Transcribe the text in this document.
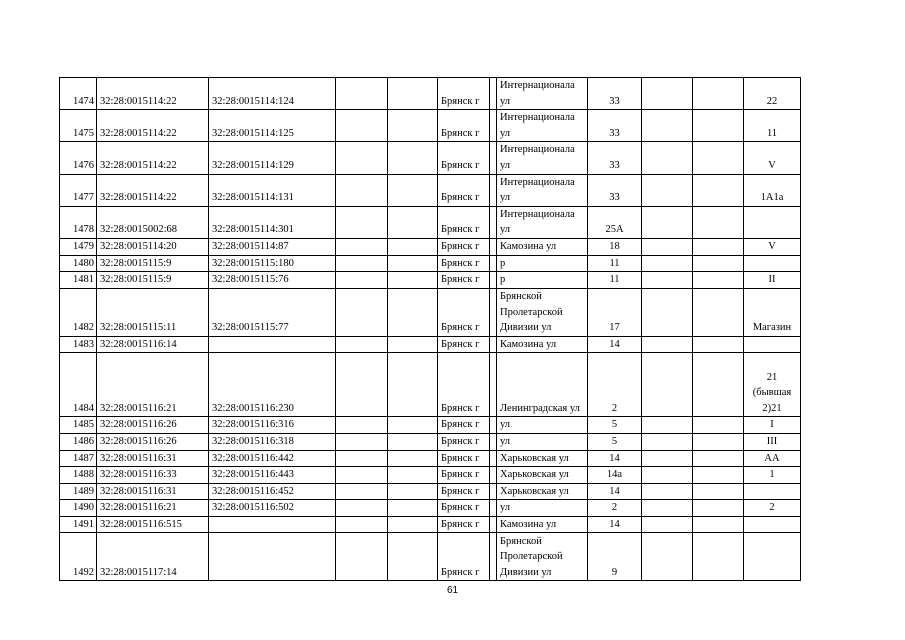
1474	32:28:0015114:22	32:28:0015114:124			Брянск г		Интернационала ул	33			22
1475	32:28:0015114:22	32:28:0015114:125			Брянск г		Интернационала ул	33			11
1476	32:28:0015114:22	32:28:0015114:129			Брянск г		Интернационала ул	33			V
1477	32:28:0015114:22	32:28:0015114:131			Брянск г		Интернационала ул	33			1А1а
1478	32:28:0015002:68	32:28:0015114:301			Брянск г		Интернационала ул	25А			
1479	32:28:0015114:20	32:28:0015114:87			Брянск г		Камозина ул	18			V
1480	32:28:0015115:9	32:28:0015115:180			Брянск г		р	11			
1481	32:28:0015115:9	32:28:0015115:76			Брянск г		р	11			II
1482	32:28:0015115:11	32:28:0015115:77			Брянск г		Брянской Пролетарской Дивизии ул	17			Магазин
1483	32:28:0015116:14				Брянск г		Камозина ул	14			
1484	32:28:0015116:21	32:28:0015116:230			Брянск г		Ленинградская ул	2			21 (бывшая 2)21
1485	32:28:0015116:26	32:28:0015116:316			Брянск г		ул	5			I
1486	32:28:0015116:26	32:28:0015116:318			Брянск г		ул	5			III
1487	32:28:0015116:31	32:28:0015116:442			Брянск г		Харьковская ул	14			АА
1488	32:28:0015116:33	32:28:0015116:443			Брянск г		Харьковская ул	14а			1
1489	32:28:0015116:31	32:28:0015116:452			Брянск г		Харьковская ул	14			
1490	32:28:0015116:21	32:28:0015116:502			Брянск г		ул	2			2
1491	32:28:0015116:515				Брянск г		Камозина ул	14			
1492	32:28:0015117:14				Брянск г		Брянской Пролетарской Дивизии ул	9			
61
